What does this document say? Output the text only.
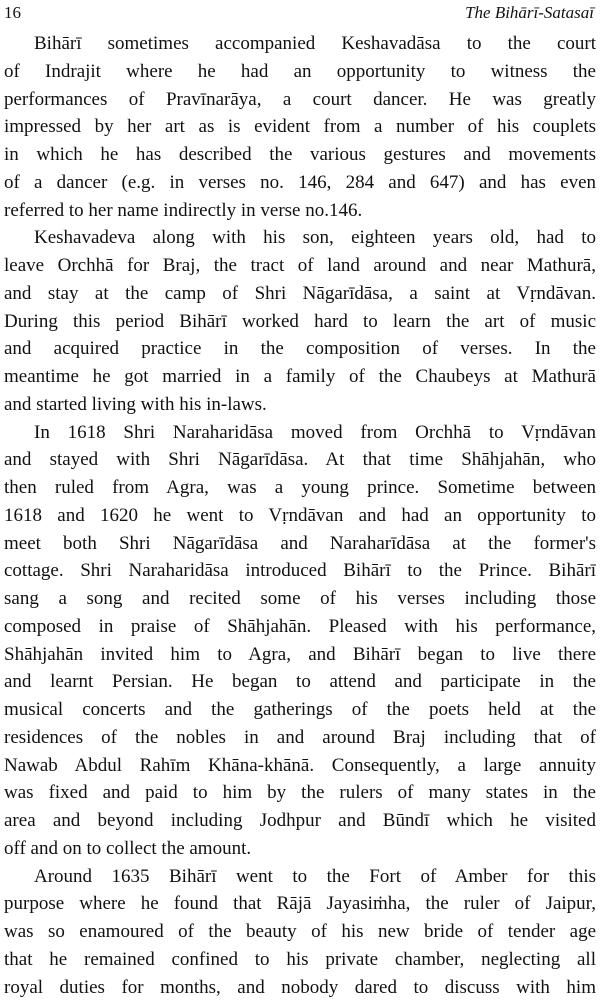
16	The Bihārī-Satasaī
Bihārī sometimes accompanied Keshavadāsa to the court
of Indrajit where he had an opportunity to witness the
performances of Pravīnarāya, a court dancer. He was greatly
impressed by her art as is evident from a number of his couplets
in which he has described the various gestures and movements
of a dancer (e.g. in verses no. 146, 284 and 647) and has even
referred to her name indirectly in verse no.146.
Keshavadeva along with his son, eighteen years old, had to
leave Orchhā for Braj, the tract of land around and near Mathurā,
and stay at the camp of Shri Nāgarīdāsa, a saint at Vṛndāvan.
During this period Bihārī worked hard to learn the art of music
and acquired practice in the composition of verses. In the
meantime he got married in a family of the Chaubeys at Mathurā
and started living with his in-laws.
In 1618 Shri Naraharidāsa moved from Orchhā to Vṛndāvan
and stayed with Shri Nāgarīdāsa. At that time Shāhjahān, who
then ruled from Agra, was a young prince. Sometime between
1618 and 1620 he went to Vṛndāvan and had an opportunity to
meet both Shri Nāgarīdāsa and Naraharīdāsa at the former's
cottage. Shri Naraharidāsa introduced Bihārī to the Prince. Bihārī
sang a song and recited some of his verses including those
composed in praise of Shāhjahān. Pleased with his performance,
Shāhjahān invited him to Agra, and Bihārī began to live there
and learnt Persian. He began to attend and participate in the
musical concerts and the gatherings of the poets held at the
residences of the nobles in and around Braj including that of
Nawab Abdul Rahīm Khāna-khānā. Consequently, a large annuity
was fixed and paid to him by the rulers of many states in the
area and beyond including Jodhpur and Būndī which he visited
off and on to collect the amount.
Around 1635 Bihārī went to the Fort of Amber for this
purpose where he found that Rājā Jayasiṁha, the ruler of Jaipur,
was so enamoured of the beauty of his new bride of tender age
that he remained confined to his private chamber, neglecting all
royal duties for months, and nobody dared to discuss with him
